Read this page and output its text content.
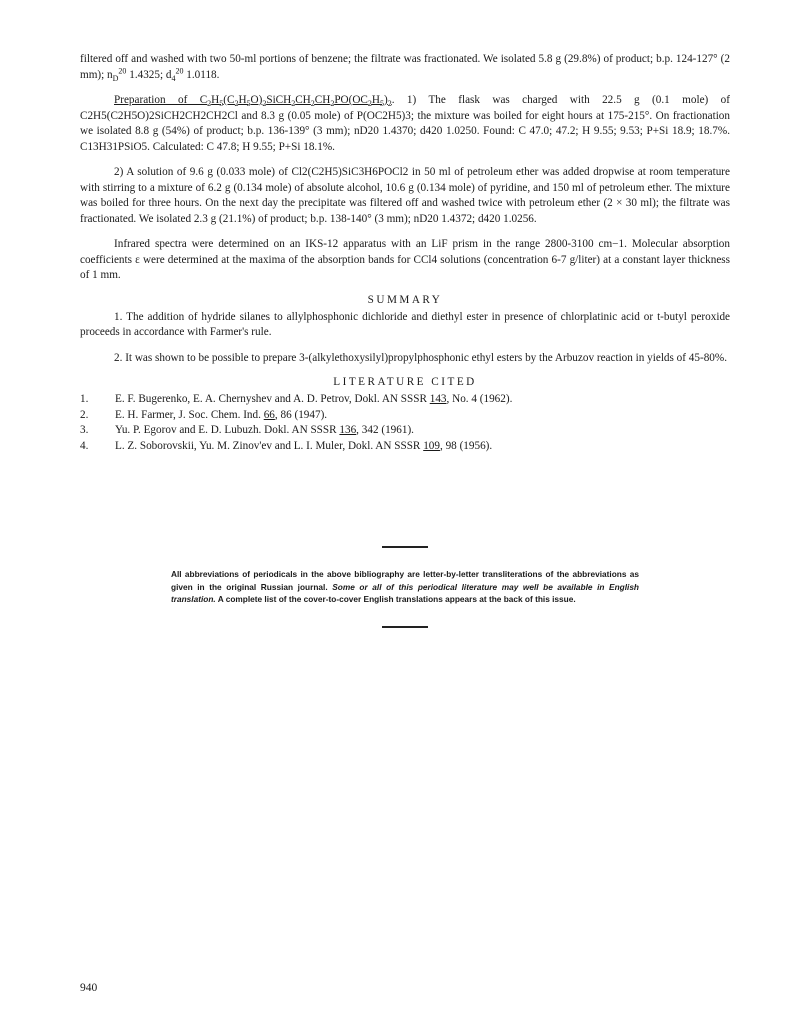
filtered off and washed with two 50-ml portions of benzene; the filtrate was fractionated. We isolated 5.8 g (29.8%) of product; b.p. 124-127° (2 mm); $n_D^{20}$ 1.4325; $d_4^{20}$ 1.0118.

Preparation of $C_2H_5(C_2H_5O)_2SiCH_2CH_2CH_2PO(OC_2H_5)_2$. 1) The flask was charged with 22.5 g (0.1 mole) of C2H5(C2H5O)2SiCH2CH2CH2Cl and 8.3 g (0.05 mole) of P(OC2H5)3; the mixture was boiled for eight hours at 175-215°. On fractionation we isolated 8.8 g (54%) of product; b.p. 136-139° (3 mm); nD20 1.4370; d420 1.0250. Found: C 47.0; 47.2; H 9.55; 9.53; P+Si 18.9; 18.7%. C13H31PSiO5. Calculated: C 47.8; H 9.55; P+Si 18.1%.

2) A solution of 9.6 g (0.033 mole) of Cl2(C2H5)SiC3H6POCl2 in 50 ml of petroleum ether was added dropwise at room temperature with stirring to a mixture of 6.2 g (0.134 mole) of absolute alcohol, 10.6 g (0.134 mole) of pyridine, and 150 ml of petroleum ether. The mixture was boiled for three hours. On the next day the precipitate was filtered off and washed twice with petroleum ether (2 × 30 ml); the filtrate was fractionated. We isolated 2.3 g (21.1%) of product; b.p. 138-140° (3 mm); nD20 1.4372; d420 1.0256.

Infrared spectra were determined on an IKS-12 apparatus with an LiF prism in the range 2800-3100 cm−1. Molecular absorption coefficients ε were determined at the maxima of the absorption bands for CCl4 solutions (concentration 6-7 g/liter) at a constant layer thickness of 1 mm.

SUMMARY

1. The addition of hydride silanes to allylphosphonic dichloride and diethyl ester in presence of chlorplatinic acid or t-butyl peroxide proceeds in accordance with Farmer's rule.

2. It was shown to be possible to prepare 3-(alkylethoxysilyl)propylphosphonic ethyl esters by the Arbuzov reaction in yields of 45-80%.

LITERATURE CITED
1.	E. F. Bugerenko, E. A. Chernyshev and A. D. Petrov, Dokl. AN SSSR 143, No. 4 (1962).
2.	E. H. Farmer, J. Soc. Chem. Ind. 66, 86 (1947).
3.	Yu. P. Egorov and E. D. Lubuzh. Dokl. AN SSSR 136, 342 (1961).
4.	L. Z. Soborovskii, Yu. M. Zinov'ev and L. I. Muler, Dokl. AN SSSR 109, 98 (1956).
All abbreviations of periodicals in the above bibliography are letter-by-letter transliterations of the abbreviations as given in the original Russian journal. Some or all of this periodical literature may well be available in English translation. A complete list of the cover-to-cover English translations appears at the back of this issue.
940
